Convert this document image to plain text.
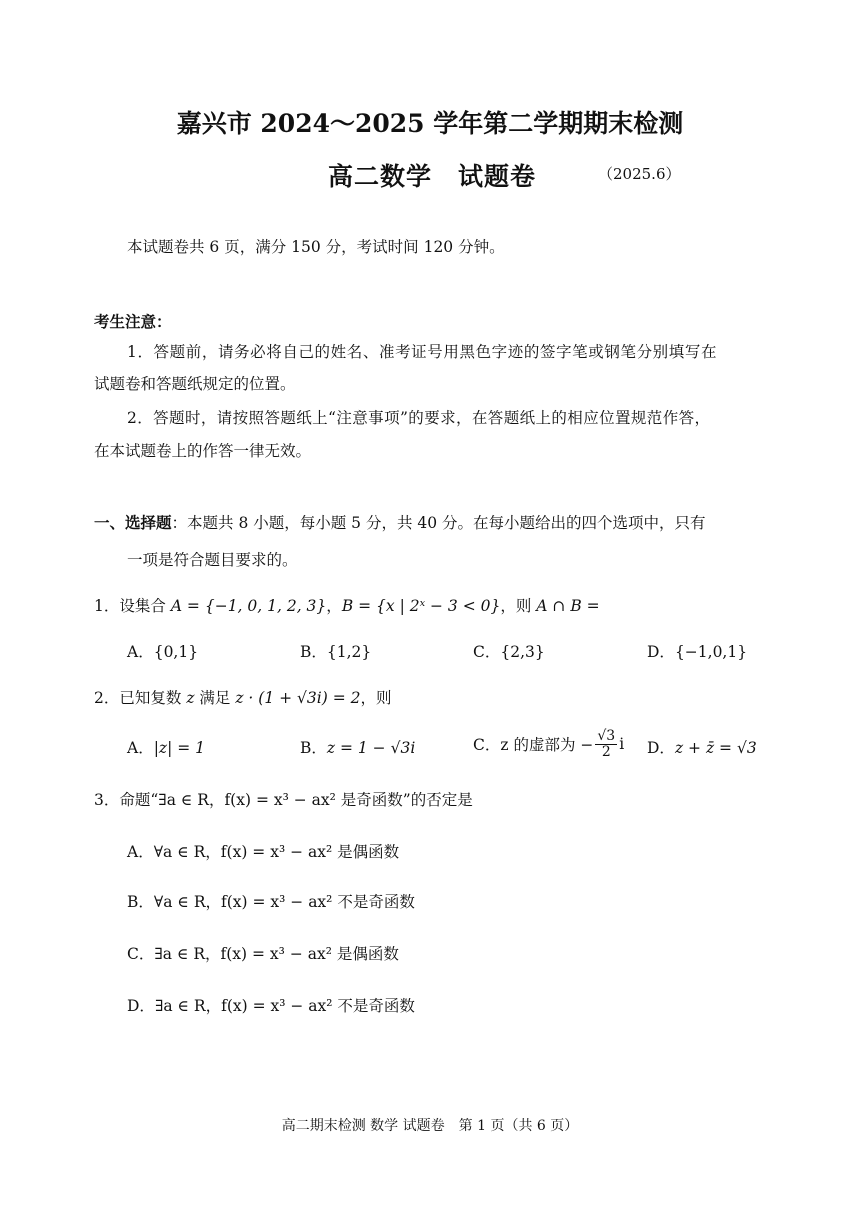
嘉兴市 2024～2025 学年第二学期期末检测
高二数学　试题卷	（2025.6）
本试题卷共 6 页，满分 150 分，考试时间 120 分钟。
考生注意：
1．答题前，请务必将自己的姓名、准考证号用黑色字迹的签字笔或钢笔分别填写在
试题卷和答题纸规定的位置。
2．答题时，请按照答题纸上“注意事项”的要求，在答题纸上的相应位置规范作答，
在本试题卷上的作答一律无效。
一、选择题：本题共 8 小题，每小题 5 分，共 40 分。在每小题给出的四个选项中，只有
一项是符合题目要求的。
1．设集合 A = {−1, 0, 1, 2, 3}，B = {x | 2ˣ − 3 < 0}，则 A ∩ B =
A．{0,1}	B．{1,2}	C．{2,3}	D．{−1,0,1}
2．已知复数 z 满足 z · (1 + √3i) = 2，则
A．|z| = 1	B．z = 1 − √3i	C． z 的虚部为 − $\frac{√3}{2}$ i D．z + z̄ = √3
3．命题“∃a ∈ R，f(x) = x³ − ax² 是奇函数”的否定是
A．∀a ∈ R，f(x) = x³ − ax² 是偶函数
B．∀a ∈ R，f(x) = x³ − ax² 不是奇函数
C．∃a ∈ R，f(x) = x³ − ax² 是偶函数
D．∃a ∈ R，f(x) = x³ − ax² 不是奇函数
高二期末检测 数学 试题卷　第 1 页（共 6 页）
